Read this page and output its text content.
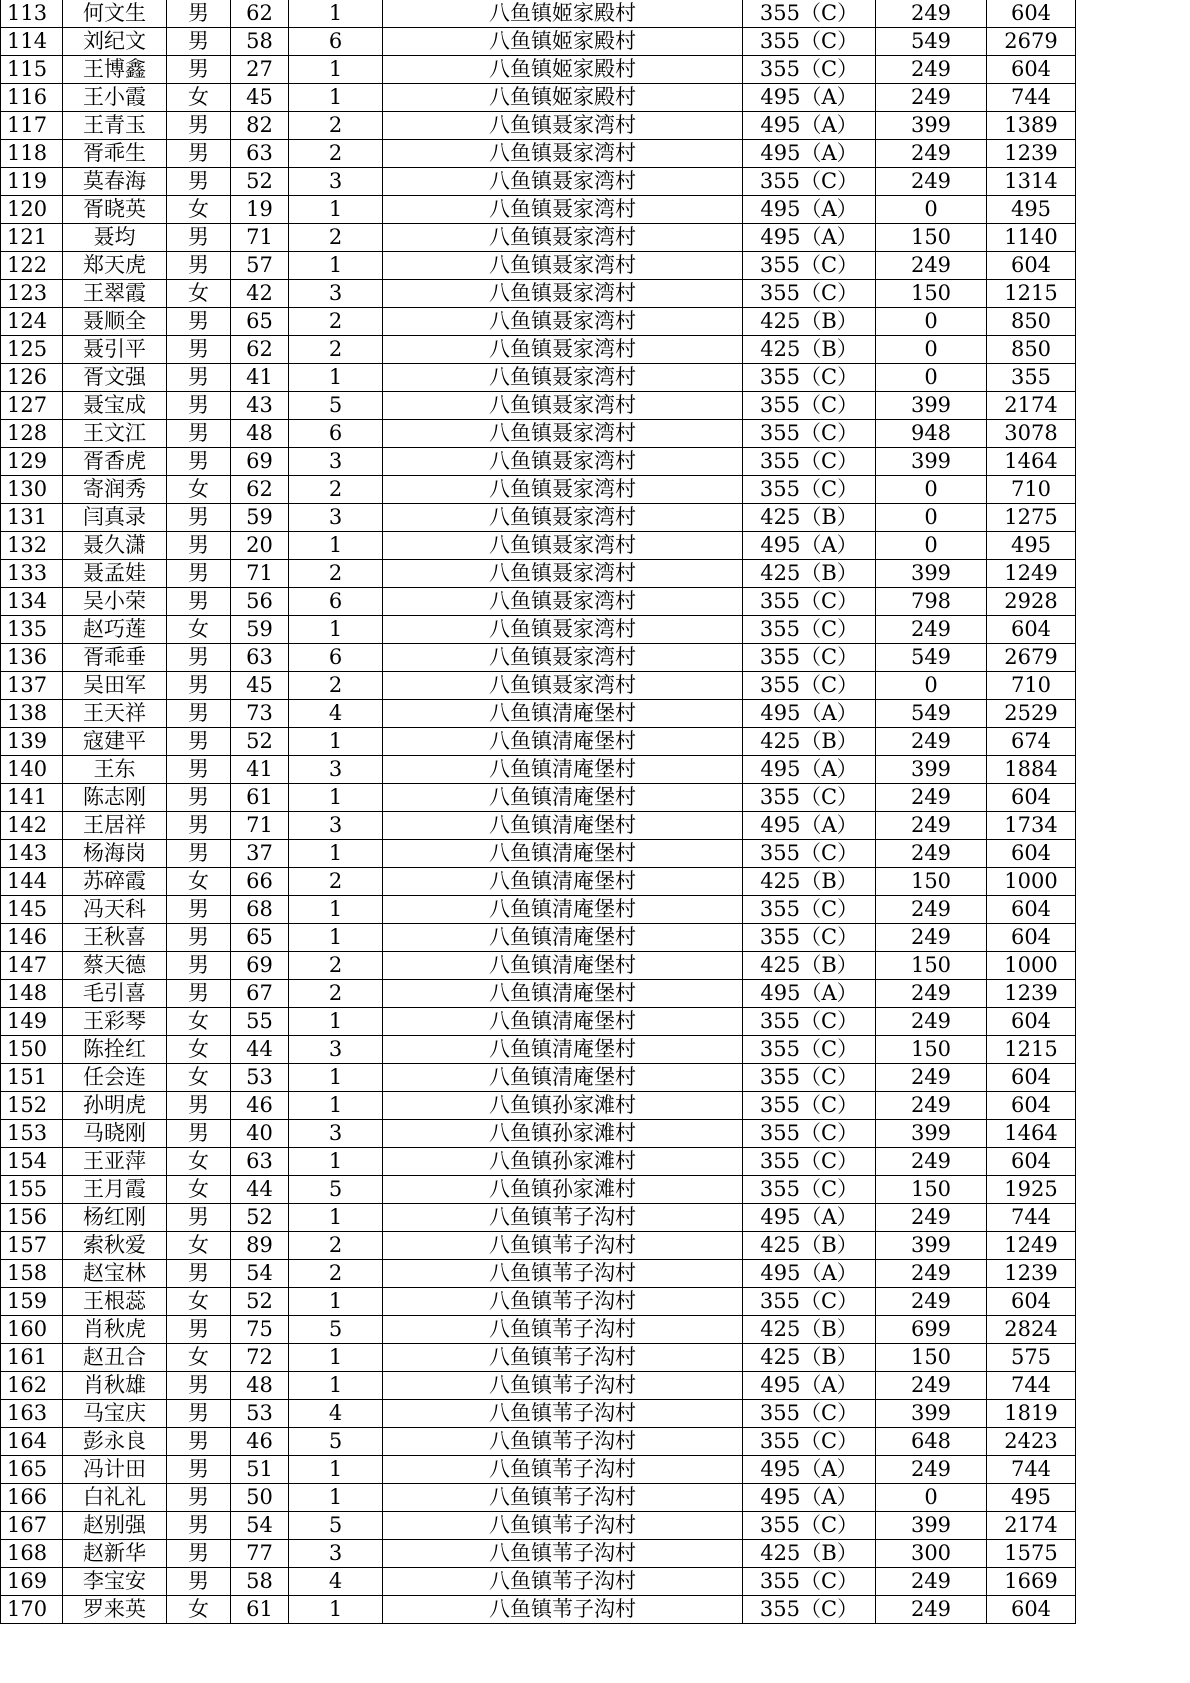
113	何文生	男	62	1	八鱼镇姬家殿村	355（C）	249	604
114	刘纪文	男	58	6	八鱼镇姬家殿村	355（C）	549	2679
115	王博鑫	男	27	1	八鱼镇姬家殿村	355（C）	249	604
116	王小霞	女	45	1	八鱼镇姬家殿村	495（A）	249	744
117	王青玉	男	82	2	八鱼镇聂家湾村	495（A）	399	1389
118	胥乖生	男	63	2	八鱼镇聂家湾村	495（A）	249	1239
119	莫春海	男	52	3	八鱼镇聂家湾村	355（C）	249	1314
120	胥晓英	女	19	1	八鱼镇聂家湾村	495（A）	0	495
121	聂均	男	71	2	八鱼镇聂家湾村	495（A）	150	1140
122	郑天虎	男	57	1	八鱼镇聂家湾村	355（C）	249	604
123	王翠霞	女	42	3	八鱼镇聂家湾村	355（C）	150	1215
124	聂顺全	男	65	2	八鱼镇聂家湾村	425（B）	0	850
125	聂引平	男	62	2	八鱼镇聂家湾村	425（B）	0	850
126	胥文强	男	41	1	八鱼镇聂家湾村	355（C）	0	355
127	聂宝成	男	43	5	八鱼镇聂家湾村	355（C）	399	2174
128	王文江	男	48	6	八鱼镇聂家湾村	355（C）	948	3078
129	胥香虎	男	69	3	八鱼镇聂家湾村	355（C）	399	1464
130	寄润秀	女	62	2	八鱼镇聂家湾村	355（C）	0	710
131	闫真录	男	59	3	八鱼镇聂家湾村	425（B）	0	1275
132	聂久潇	男	20	1	八鱼镇聂家湾村	495（A）	0	495
133	聂孟娃	男	71	2	八鱼镇聂家湾村	425（B）	399	1249
134	吴小荣	男	56	6	八鱼镇聂家湾村	355（C）	798	2928
135	赵巧莲	女	59	1	八鱼镇聂家湾村	355（C）	249	604
136	胥乖垂	男	63	6	八鱼镇聂家湾村	355（C）	549	2679
137	吴田军	男	45	2	八鱼镇聂家湾村	355（C）	0	710
138	王天祥	男	73	4	八鱼镇清庵堡村	495（A）	549	2529
139	寇建平	男	52	1	八鱼镇清庵堡村	425（B）	249	674
140	王东	男	41	3	八鱼镇清庵堡村	495（A）	399	1884
141	陈志刚	男	61	1	八鱼镇清庵堡村	355（C）	249	604
142	王居祥	男	71	3	八鱼镇清庵堡村	495（A）	249	1734
143	杨海岗	男	37	1	八鱼镇清庵堡村	355（C）	249	604
144	苏碎霞	女	66	2	八鱼镇清庵堡村	425（B）	150	1000
145	冯天科	男	68	1	八鱼镇清庵堡村	355（C）	249	604
146	王秋喜	男	65	1	八鱼镇清庵堡村	355（C）	249	604
147	蔡天德	男	69	2	八鱼镇清庵堡村	425（B）	150	1000
148	毛引喜	男	67	2	八鱼镇清庵堡村	495（A）	249	1239
149	王彩琴	女	55	1	八鱼镇清庵堡村	355（C）	249	604
150	陈拴红	女	44	3	八鱼镇清庵堡村	355（C）	150	1215
151	任会连	女	53	1	八鱼镇清庵堡村	355（C）	249	604
152	孙明虎	男	46	1	八鱼镇孙家滩村	355（C）	249	604
153	马晓刚	男	40	3	八鱼镇孙家滩村	355（C）	399	1464
154	王亚萍	女	63	1	八鱼镇孙家滩村	355（C）	249	604
155	王月霞	女	44	5	八鱼镇孙家滩村	355（C）	150	1925
156	杨红刚	男	52	1	八鱼镇苇子沟村	495（A）	249	744
157	索秋爱	女	89	2	八鱼镇苇子沟村	425（B）	399	1249
158	赵宝林	男	54	2	八鱼镇苇子沟村	495（A）	249	1239
159	王根蕊	女	52	1	八鱼镇苇子沟村	355（C）	249	604
160	肖秋虎	男	75	5	八鱼镇苇子沟村	425（B）	699	2824
161	赵丑合	女	72	1	八鱼镇苇子沟村	425（B）	150	575
162	肖秋雄	男	48	1	八鱼镇苇子沟村	495（A）	249	744
163	马宝庆	男	53	4	八鱼镇苇子沟村	355（C）	399	1819
164	彭永良	男	46	5	八鱼镇苇子沟村	355（C）	648	2423
165	冯计田	男	51	1	八鱼镇苇子沟村	495（A）	249	744
166	白礼礼	男	50	1	八鱼镇苇子沟村	495（A）	0	495
167	赵别强	男	54	5	八鱼镇苇子沟村	355（C）	399	2174
168	赵新华	男	77	3	八鱼镇苇子沟村	425（B）	300	1575
169	李宝安	男	58	4	八鱼镇苇子沟村	355（C）	249	1669
170	罗来英	女	61	1	八鱼镇苇子沟村	355（C）	249	604
